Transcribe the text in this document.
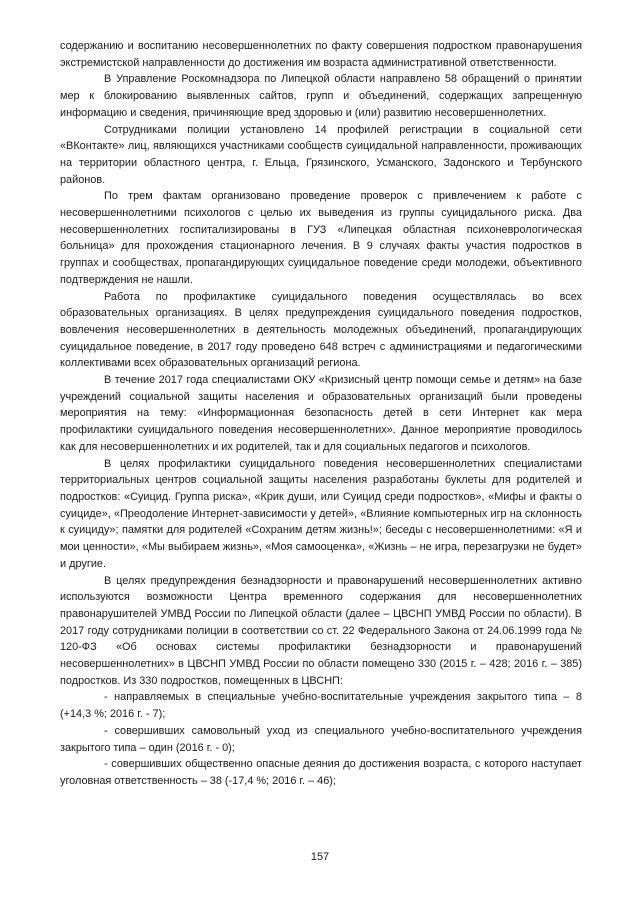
содержанию и воспитанию несовершеннолетних по факту совершения подростком правонарушения экстремистской направленности до достижения им возраста административной ответственности.

В Управление Роскомнадзора по Липецкой области направлено 58 обращений о принятии мер к блокированию выявленных сайтов, групп и объединений, содержащих запрещенную информацию и сведения, причиняющие вред здоровью и (или) развитию несовершеннолетних.

Сотрудниками полиции установлено 14 профилей регистрации в социальной сети «ВКонтакте» лиц, являющихся участниками сообществ суицидальной направленности, проживающих на территории областного центра, г. Ельца, Грязинского, Усманского, Задонского и Тербунского районов.

По трем фактам организовано проведение проверок с привлечением к работе с несовершеннолетними психологов с целью их выведения из группы суицидального риска. Два несовершеннолетних госпитализированы в ГУЗ «Липецкая областная психоневрологическая больница» для прохождения стационарного лечения. В 9 случаях факты участия подростков в группах и сообществах, пропагандирующих суицидальное поведение среди молодежи, объективного подтверждения не нашли.

Работа по профилактике суицидального поведения осуществлялась во всех образовательных организациях. В целях предупреждения суицидального поведения подростков, вовлечения несовершеннолетних в деятельность молодежных объединений, пропагандирующих суицидальное поведение, в 2017 году проведено 648 встреч с администрациями и педагогическими коллективами всех образовательных организаций региона.

В течение 2017 года специалистами ОКУ «Кризисный центр помощи семье и детям» на базе учреждений социальной защиты населения и образовательных организаций были проведены мероприятия на тему: «Информационная безопасность детей в сети Интернет как мера профилактики суицидального поведения несовершеннолетних». Данное мероприятие проводилось как для несовершеннолетних и их родителей, так и для социальных педагогов и психологов.

В целях профилактики суицидального поведения несовершеннолетних специалистами территориальных центров социальной защиты населения разработаны буклеты для родителей и подростков: «Суицид. Группа риска», «Крик души, или Суицид среди подростков», «Мифы и факты о суициде», «Преодоление Интернет-зависимости у детей», «Влияние компьютерных игр на склонность к суициду»; памятки для родителей «Сохраним детям жизнь!»; беседы с несовершеннолетними: «Я и мои ценности», «Мы выбираем жизнь», «Моя самооценка», «Жизнь – не игра, перезагрузки не будет» и другие.

В целях предупреждения безнадзорности и правонарушений несовершеннолетних активно используются возможности Центра временного содержания для несовершеннолетних правонарушителей УМВД России по Липецкой области (далее – ЦВСНП УМВД России по области). В 2017 году сотрудниками полиции в соответствии со ст. 22 Федерального Закона от 24.06.1999 года № 120-ФЗ «Об основах системы профилактики безнадзорности и правонарушений несовершеннолетних» в ЦВСНП УМВД России по области помещено 330 (2015 г. – 428; 2016 г. – 385) подростков. Из 330 подростков, помещенных в ЦВСНП:

- направляемых в специальные учебно-воспитательные учреждения закрытого типа – 8 (+14,3 %; 2016 г. - 7);

- совершивших самовольный уход из специального учебно-воспитательного учреждения закрытого типа – один (2016 г. - 0);

- совершивших общественно опасные деяния до достижения возраста, с которого наступает уголовная ответственность – 38 (-17,4 %; 2016 г. – 46);

157
